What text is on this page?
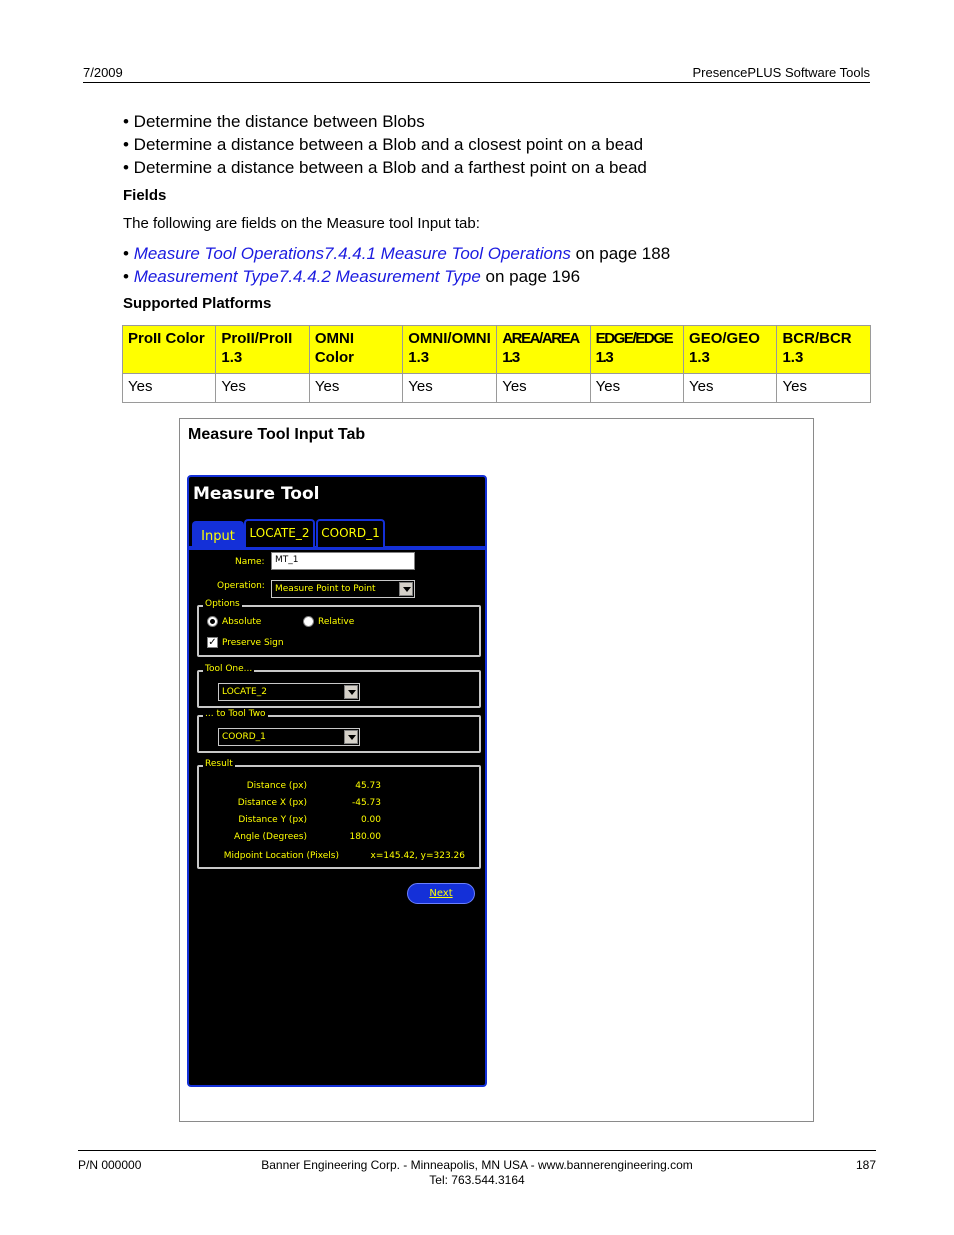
7/2009	PresencePLUS Software Tools
• Determine the distance between Blobs
• Determine a distance between a Blob and a closest point on a bead
• Determine a distance between a Blob and a farthest point on a bead
Fields
The following are fields on the Measure tool Input tab:
• Measure Tool Operations7.4.4.1 Measure Tool Operations on page 188
• Measurement Type7.4.4.2 Measurement Type on page 196
Supported Platforms
ProII Color	ProII/ProII 1.3	OMNI Color	OMNI/OMNI 1.3	AREA/AREA 1.3	EDGE/EDGE 1.3	GEO/GEO 1.3	BCR/BCR 1.3
Yes	Yes	Yes	Yes	Yes	Yes	Yes	Yes
Measure Tool Input Tab
Measure Tool
Input	LOCATE_2 COORD_1
Name:	MT_1
Operation:	Measure Point to Point
Options
Absolute	Relative
✓ Preserve Sign
Tool One...
LOCATE_2
... to Tool Two
COORD_1
Result
Distance (px)	45.73
Distance X (px)	-45.73
Distance Y (px)	0.00
Angle (Degrees)	180.00
Midpoint Location (Pixels)	x=145.42, y=323.26
Next
P/N 000000	Banner Engineering Corp. - Minneapolis, MN USA - www.bannerengineering.com
Tel: 763.544.3164
187
